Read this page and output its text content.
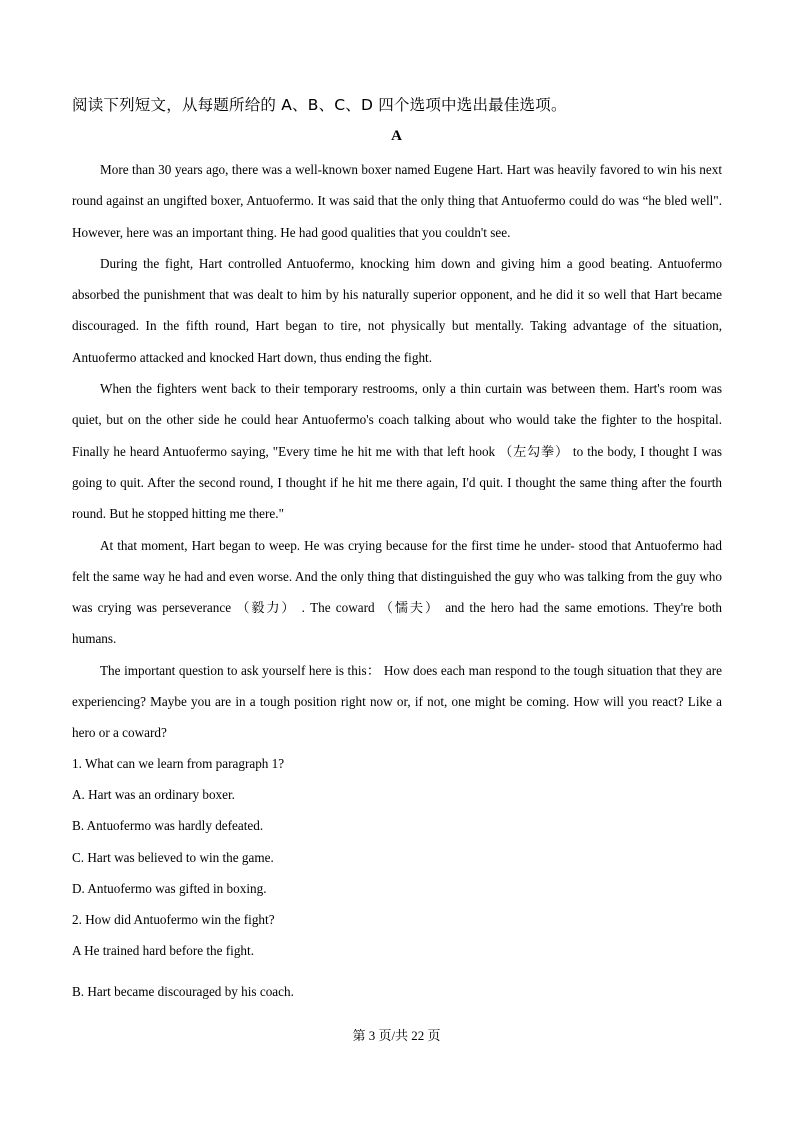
阅读下列短文，从每题所给的 A、B、C、D 四个选项中选出最佳选项。
A

More than 30 years ago, there was a well-known boxer named Eugene Hart. Hart was heavily favored to win his next round against an ungifted boxer, Antuofermo. It was said that the only thing that Antuofermo could do was “he bled well". However, here was an important thing. He had good qualities that you couldn't see.

During the fight, Hart controlled Antuofermo, knocking him down and giving him a good beating. Antuofermo absorbed the punishment that was dealt to him by his naturally superior opponent, and he did it so well that Hart became discouraged. In the fifth round, Hart began to tire, not physically but mentally. Taking advantage of the situation, Antuofermo attacked and knocked Hart down, thus ending the fight.

When the fighters went back to their temporary restrooms, only a thin curtain was between them. Hart's room was quiet, but on the other side he could hear Antuofermo's coach talking about who would take the fighter to the hospital. Finally he heard Antuofermo saying, "Every time he hit me with that left hook （左勾拳） to the body, I thought I was going to quit. After the second round, I thought if he hit me there again, I'd quit. I thought the same thing after the fourth round. But he stopped hitting me there."

At that moment, Hart began to weep. He was crying because for the first time he under- stood that Antuofermo had felt the same way he had and even worse. And the only thing that distinguished the guy who was talking from the guy who was crying was perseverance （毅力） . The coward （懦夫） and the hero had the same emotions. They're both humans.

The important question to ask yourself here is this： How does each man respond to the tough situation that they are experiencing? Maybe you are in a tough position right now or, if not, one might be coming. How will you react? Like a hero or a coward?

1. What can we learn from paragraph 1?
A. Hart was an ordinary boxer.
B. Antuofermo was hardly defeated.
C. Hart was believed to win the game.
D. Antuofermo was gifted in boxing.
2. How did Antuofermo win the fight?
A He trained hard before the fight.
B. Hart became discouraged by his coach.
第 3 页/共 22 页
